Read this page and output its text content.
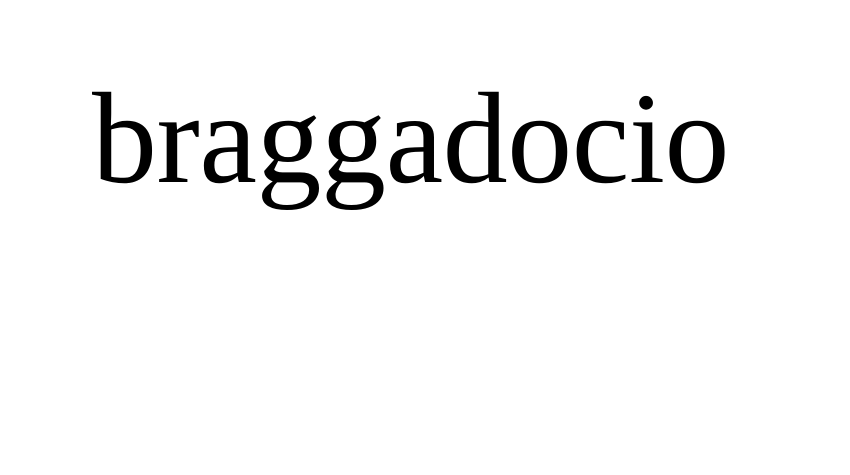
braggadocio
